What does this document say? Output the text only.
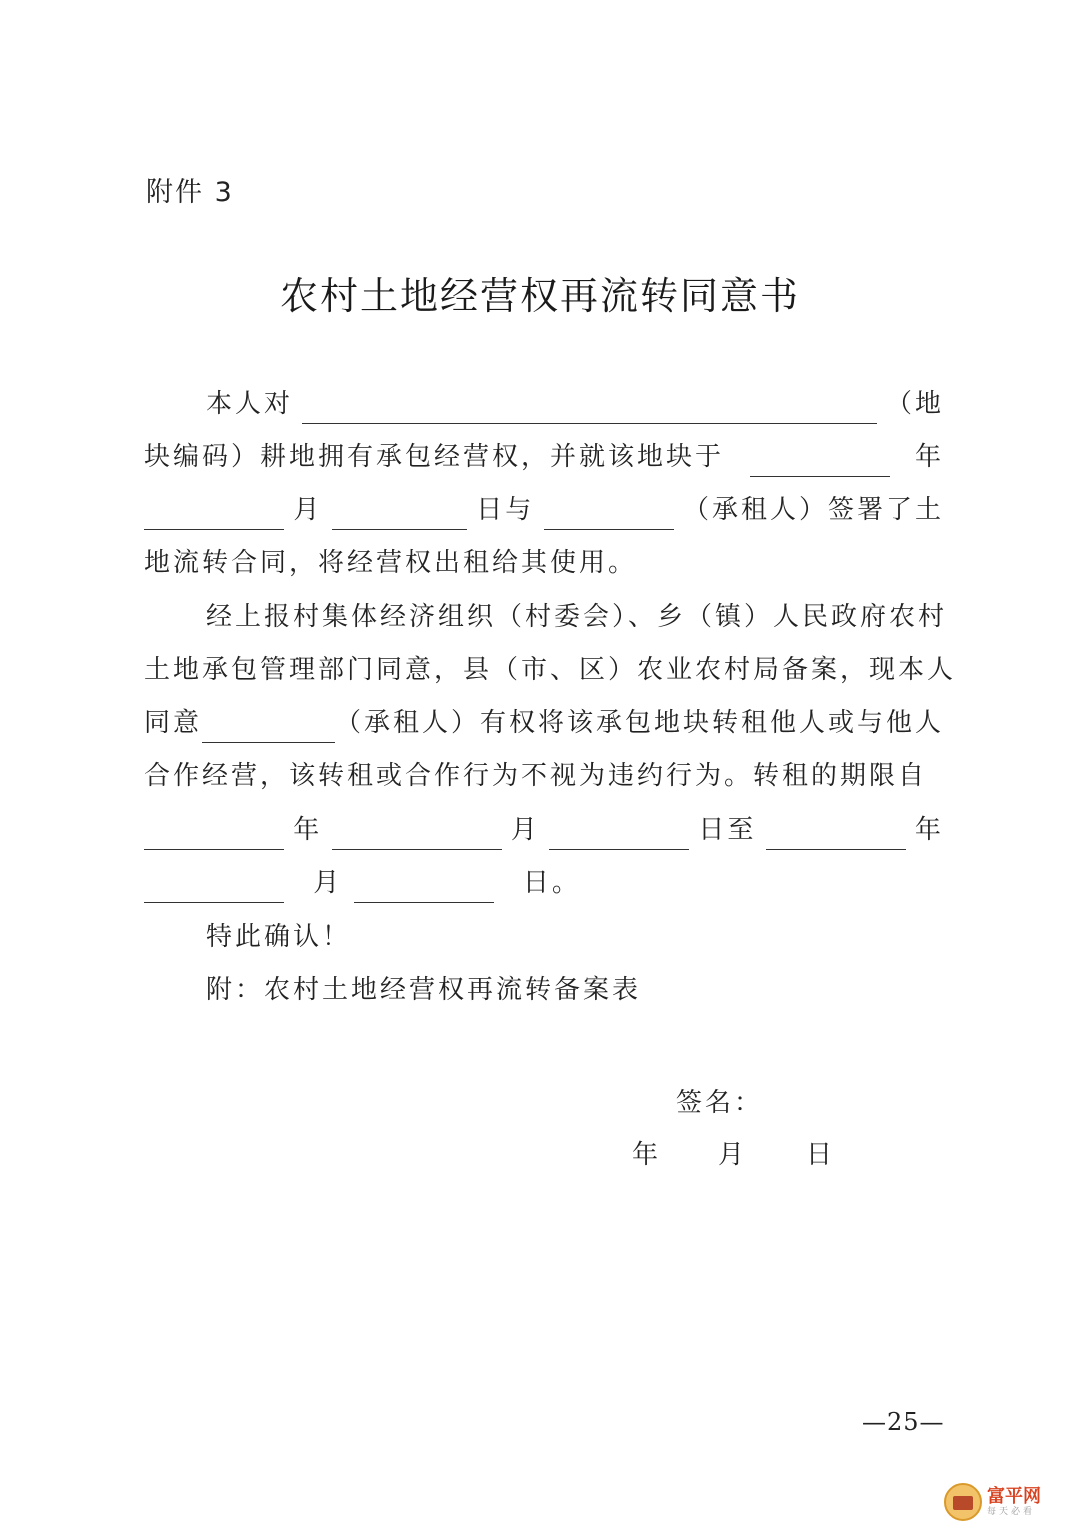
附件 3
农村土地经营权再流转同意书
本人对	（地
块编码）耕地拥有承包经营权，并就该地块于	年
月	日与	（承租人）签署了土
地流转合同，将经营权出租给其使用。
经上报村集体经济组织（村委会）、乡（镇）人民政府农村
土地承包管理部门同意，县（市、区）农业农村局备案，现本人
同意	（承租人）有权将该承包地块转租他人或与他人
合作经营，该转租或合作行为不视为违约行为。转租的期限自
年	月	日至	年
月	日。
特此确认！
附：农村土地经营权再流转备案表
签名：
年 月 日
—25—
富平网
每天必看
